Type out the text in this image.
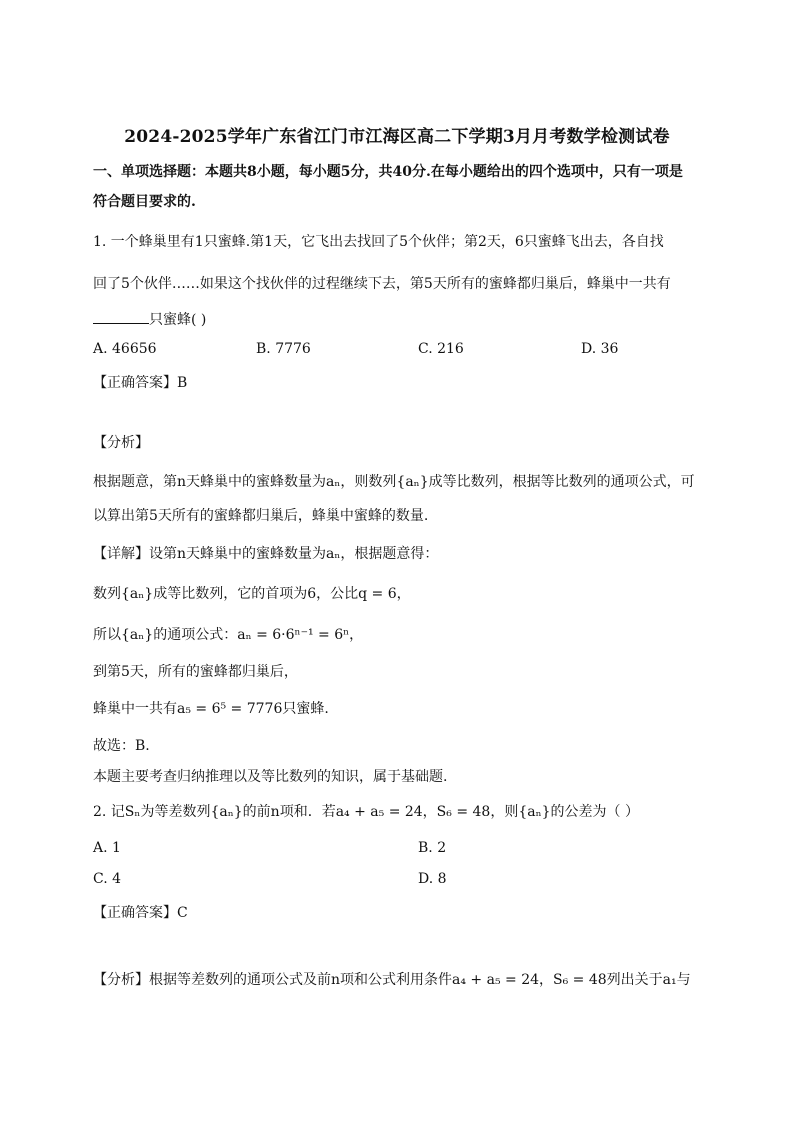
2024-2025学年广东省江门市江海区高二下学期3月月考数学检测试卷
一、单项选择题：本题共8小题，每小题5分，共40分.在每小题给出的四个选项中，只有一项是
符合题目要求的.
1. 一个蜂巢里有1只蜜蜂.第1天，它飞出去找回了5个伙伴；第2天，6只蜜蜂飞出去，各自找
回了5个伙伴……如果这个找伙伴的过程继续下去，第5天所有的蜜蜂都归巢后，蜂巢中一共有
只蜜蜂( )
A. 46656	B. 7776	C. 216	D. 36
【正确答案】B
【分析】
根据题意，第n天蜂巢中的蜜蜂数量为aₙ，则数列{aₙ}成等比数列，根据等比数列的通项公式，可
以算出第5天所有的蜜蜂都归巢后，蜂巢中蜜蜂的数量.
【详解】设第n天蜂巢中的蜜蜂数量为aₙ，根据题意得：
数列{aₙ}成等比数列，它的首项为6，公比q = 6，
所以{aₙ}的通项公式：aₙ = 6·6ⁿ⁻¹ = 6ⁿ，
到第5天，所有的蜜蜂都归巢后，
蜂巢中一共有a₅ = 6⁵ = 7776只蜜蜂.
故选：B.
本题主要考查归纳推理以及等比数列的知识，属于基础题.
2. 记Sₙ为等差数列{aₙ}的前n项和．若a₄ + a₅ = 24，S₆ = 48，则{aₙ}的公差为（ ）
A. 1	B. 2
C. 4	D. 8
【正确答案】C
【分析】根据等差数列的通项公式及前n项和公式利用条件a₄ + a₅ = 24，S₆ = 48列出关于a₁与
